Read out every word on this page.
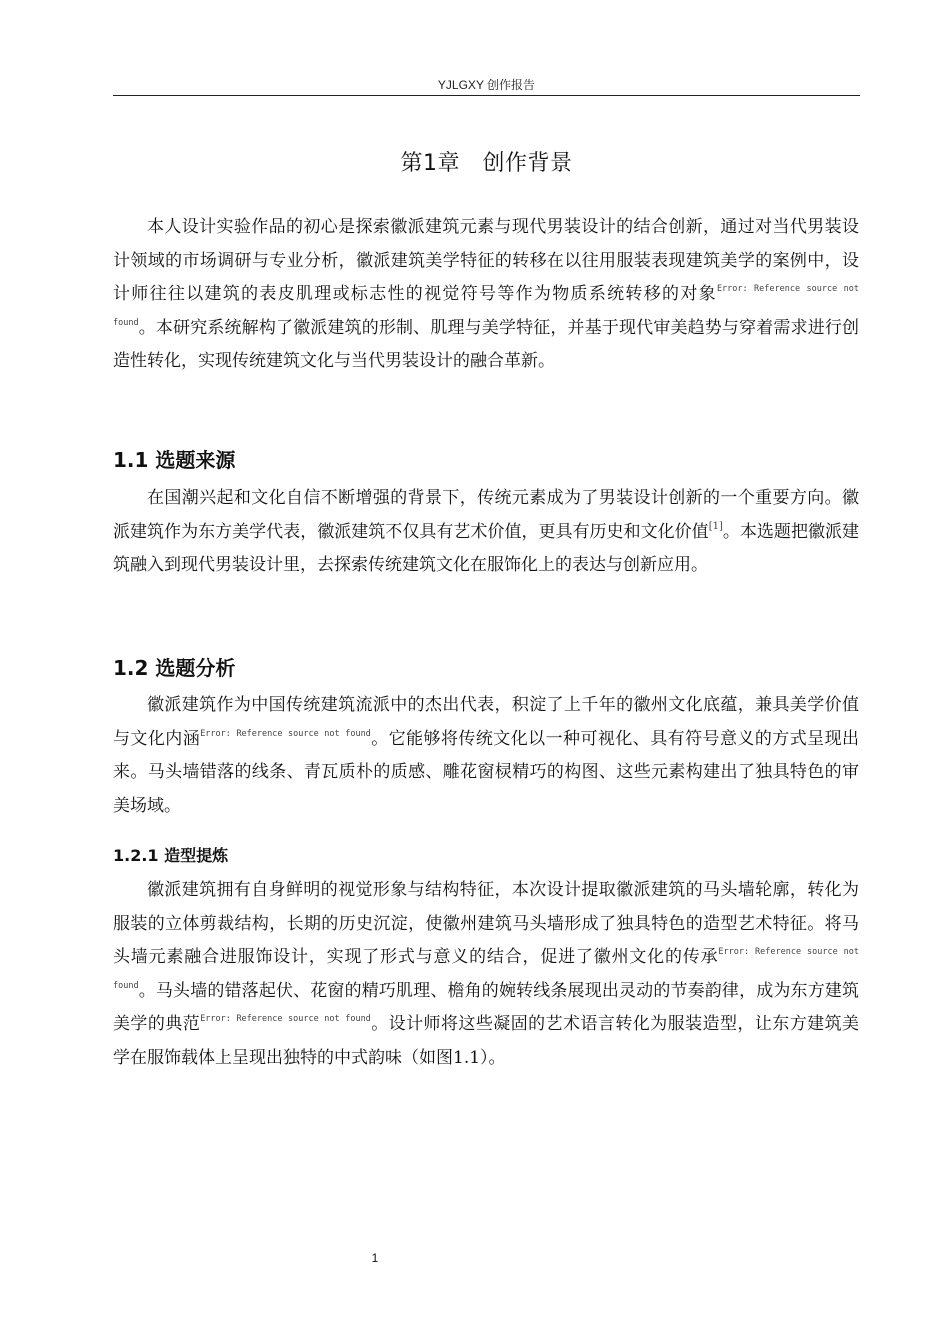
YJLGXY 创作报告
第1章　创作背景

本人设计实验作品的初心是探索徽派建筑元素与现代男装设计的结合创新，通过对当代男装设计领域的市场调研与专业分析，徽派建筑美学特征的转移在以往用服装表现建筑美学的案例中，设计师往往以建筑的表皮肌理或标志性的视觉符号等作为物质系统转移的对象$^{Error: Reference source not found}$。本研究系统解构了徽派建筑的形制、肌理与美学特征，并基于现代审美趋势与穿着需求进行创造性转化，实现传统建筑文化与当代男装设计的融合革新。

1.1 选题来源

在国潮兴起和文化自信不断增强的背景下，传统元素成为了男装设计创新的一个重要方向。徽派建筑作为东方美学代表，徽派建筑不仅具有艺术价值，更具有历史和文化价值[1]。本选题把徽派建筑融入到现代男装设计里，去探索传统建筑文化在服饰化上的表达与创新应用。

1.2 选题分析

徽派建筑作为中国传统建筑流派中的杰出代表，积淀了上千年的徽州文化底蕴，兼具美学价值与文化内涵$^{Error: Reference source not found}$。它能够将传统文化以一种可视化、具有符号意义的方式呈现出来。马头墙错落的线条、青瓦质朴的质感、雕花窗棂精巧的构图、这些元素构建出了独具特色的审美场域。

1.2.1 造型提炼

徽派建筑拥有自身鲜明的视觉形象与结构特征，本次设计提取徽派建筑的马头墙轮廓，转化为服装的立体剪裁结构，长期的历史沉淀，使徽州建筑马头墙形成了独具特色的造型艺术特征。将马头墙元素融合进服饰设计，实现了形式与意义的结合，促进了徽州文化的传承$^{Error: Reference source not found}$。马头墙的错落起伏、花窗的精巧肌理、檐角的婉转线条展现出灵动的节奏韵律，成为东方建筑美学的典范$^{Error: Reference source not found}$。设计师将这些凝固的艺术语言转化为服装造型，让东方建筑美学在服饰载体上呈现出独特的中式韵味（如图1.1）。

1
